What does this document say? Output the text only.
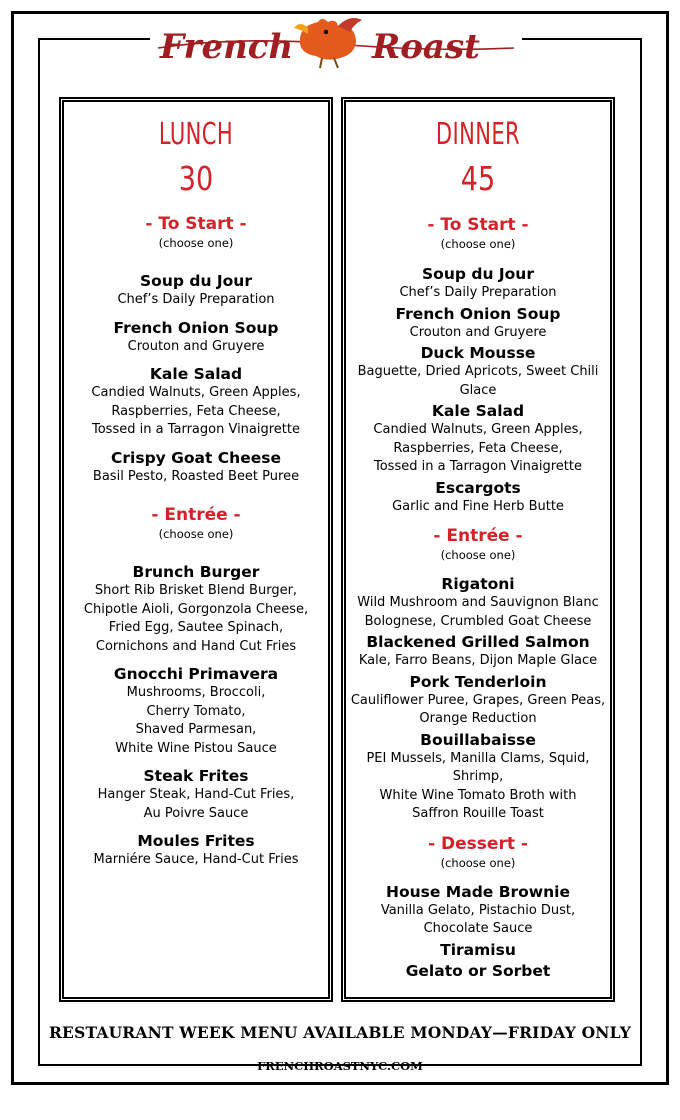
French Roast
LUNCH
30
- To Start -
(choose one)
Soup du Jour
Chef’s Daily Preparation
French Onion Soup
Crouton and Gruyere
Kale Salad
Candied Walnuts, Green Apples,
Raspberries, Feta Cheese,
Tossed in a Tarragon Vinaigrette
Crispy Goat Cheese
Basil Pesto, Roasted Beet Puree
- Entrée -
(choose one)
Brunch Burger
Short Rib Brisket Blend Burger,
Chipotle Aioli, Gorgonzola Cheese,
Fried Egg, Sautee Spinach,
Cornichons and Hand Cut Fries
Gnocchi Primavera
Mushrooms, Broccoli,
Cherry Tomato,
Shaved Parmesan,
White Wine Pistou Sauce
Steak Frites
Hanger Steak, Hand-Cut Fries,
Au Poivre Sauce
Moules Frites
Marniére Sauce, Hand-Cut Fries
DINNER
45
- To Start -
(choose one)
Soup du Jour
Chef’s Daily Preparation
French Onion Soup
Crouton and Gruyere
Duck Mousse
Baguette, Dried Apricots, Sweet Chili
Glace
Kale Salad
Candied Walnuts, Green Apples,
Raspberries, Feta Cheese,
Tossed in a Tarragon Vinaigrette
Escargots
Garlic and Fine Herb Butte
- Entrée -
(choose one)
Rigatoni
Wild Mushroom and Sauvignon Blanc
Bolognese, Crumbled Goat Cheese
Blackened Grilled Salmon
Kale, Farro Beans, Dijon Maple Glace
Pork Tenderloin
Cauliflower Puree, Grapes, Green Peas,
Orange Reduction
Bouillabaisse
PEI Mussels, Manilla Clams, Squid, Shrimp,
White Wine Tomato Broth with
Saffron Rouille Toast
- Dessert -
(choose one)
House Made Brownie
Vanilla Gelato, Pistachio Dust,
Chocolate Sauce
Tiramisu
Gelato or Sorbet
RESTAURANT WEEK MENU AVAILABLE MONDAY—FRIDAY ONLY
FRENCHROASTNYC.COM
